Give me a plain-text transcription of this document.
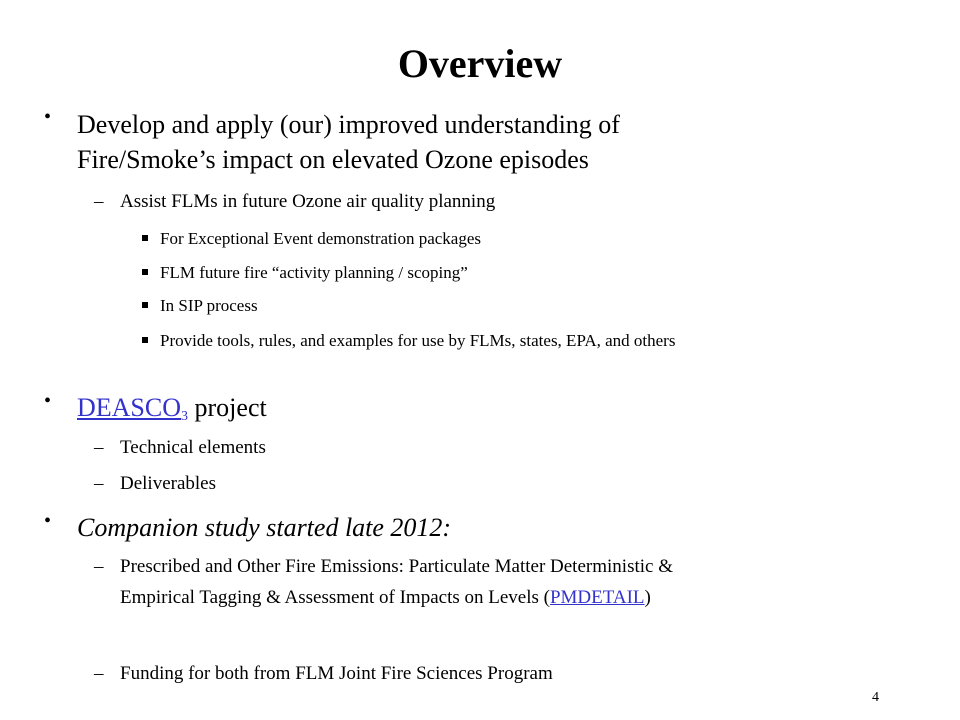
Overview
• Develop and apply (our) improved understanding of
Fire/Smoke’s impact on elevated Ozone episodes
– Assist FLMs in future Ozone air quality planning
For Exceptional Event demonstration packages
FLM future fire “activity planning / scoping”
In SIP process
Provide tools, rules, and examples for use by FLMs, states, EPA, and others
• $DEASCO_3$ project
– Technical elements
– Deliverables
• Companion study started late 2012:
– Prescribed and Other Fire Emissions: Particulate Matter Deterministic &
Empirical Tagging & Assessment of Impacts on Levels (PMDETAIL)
– Funding for both from FLM Joint Fire Sciences Program
4
